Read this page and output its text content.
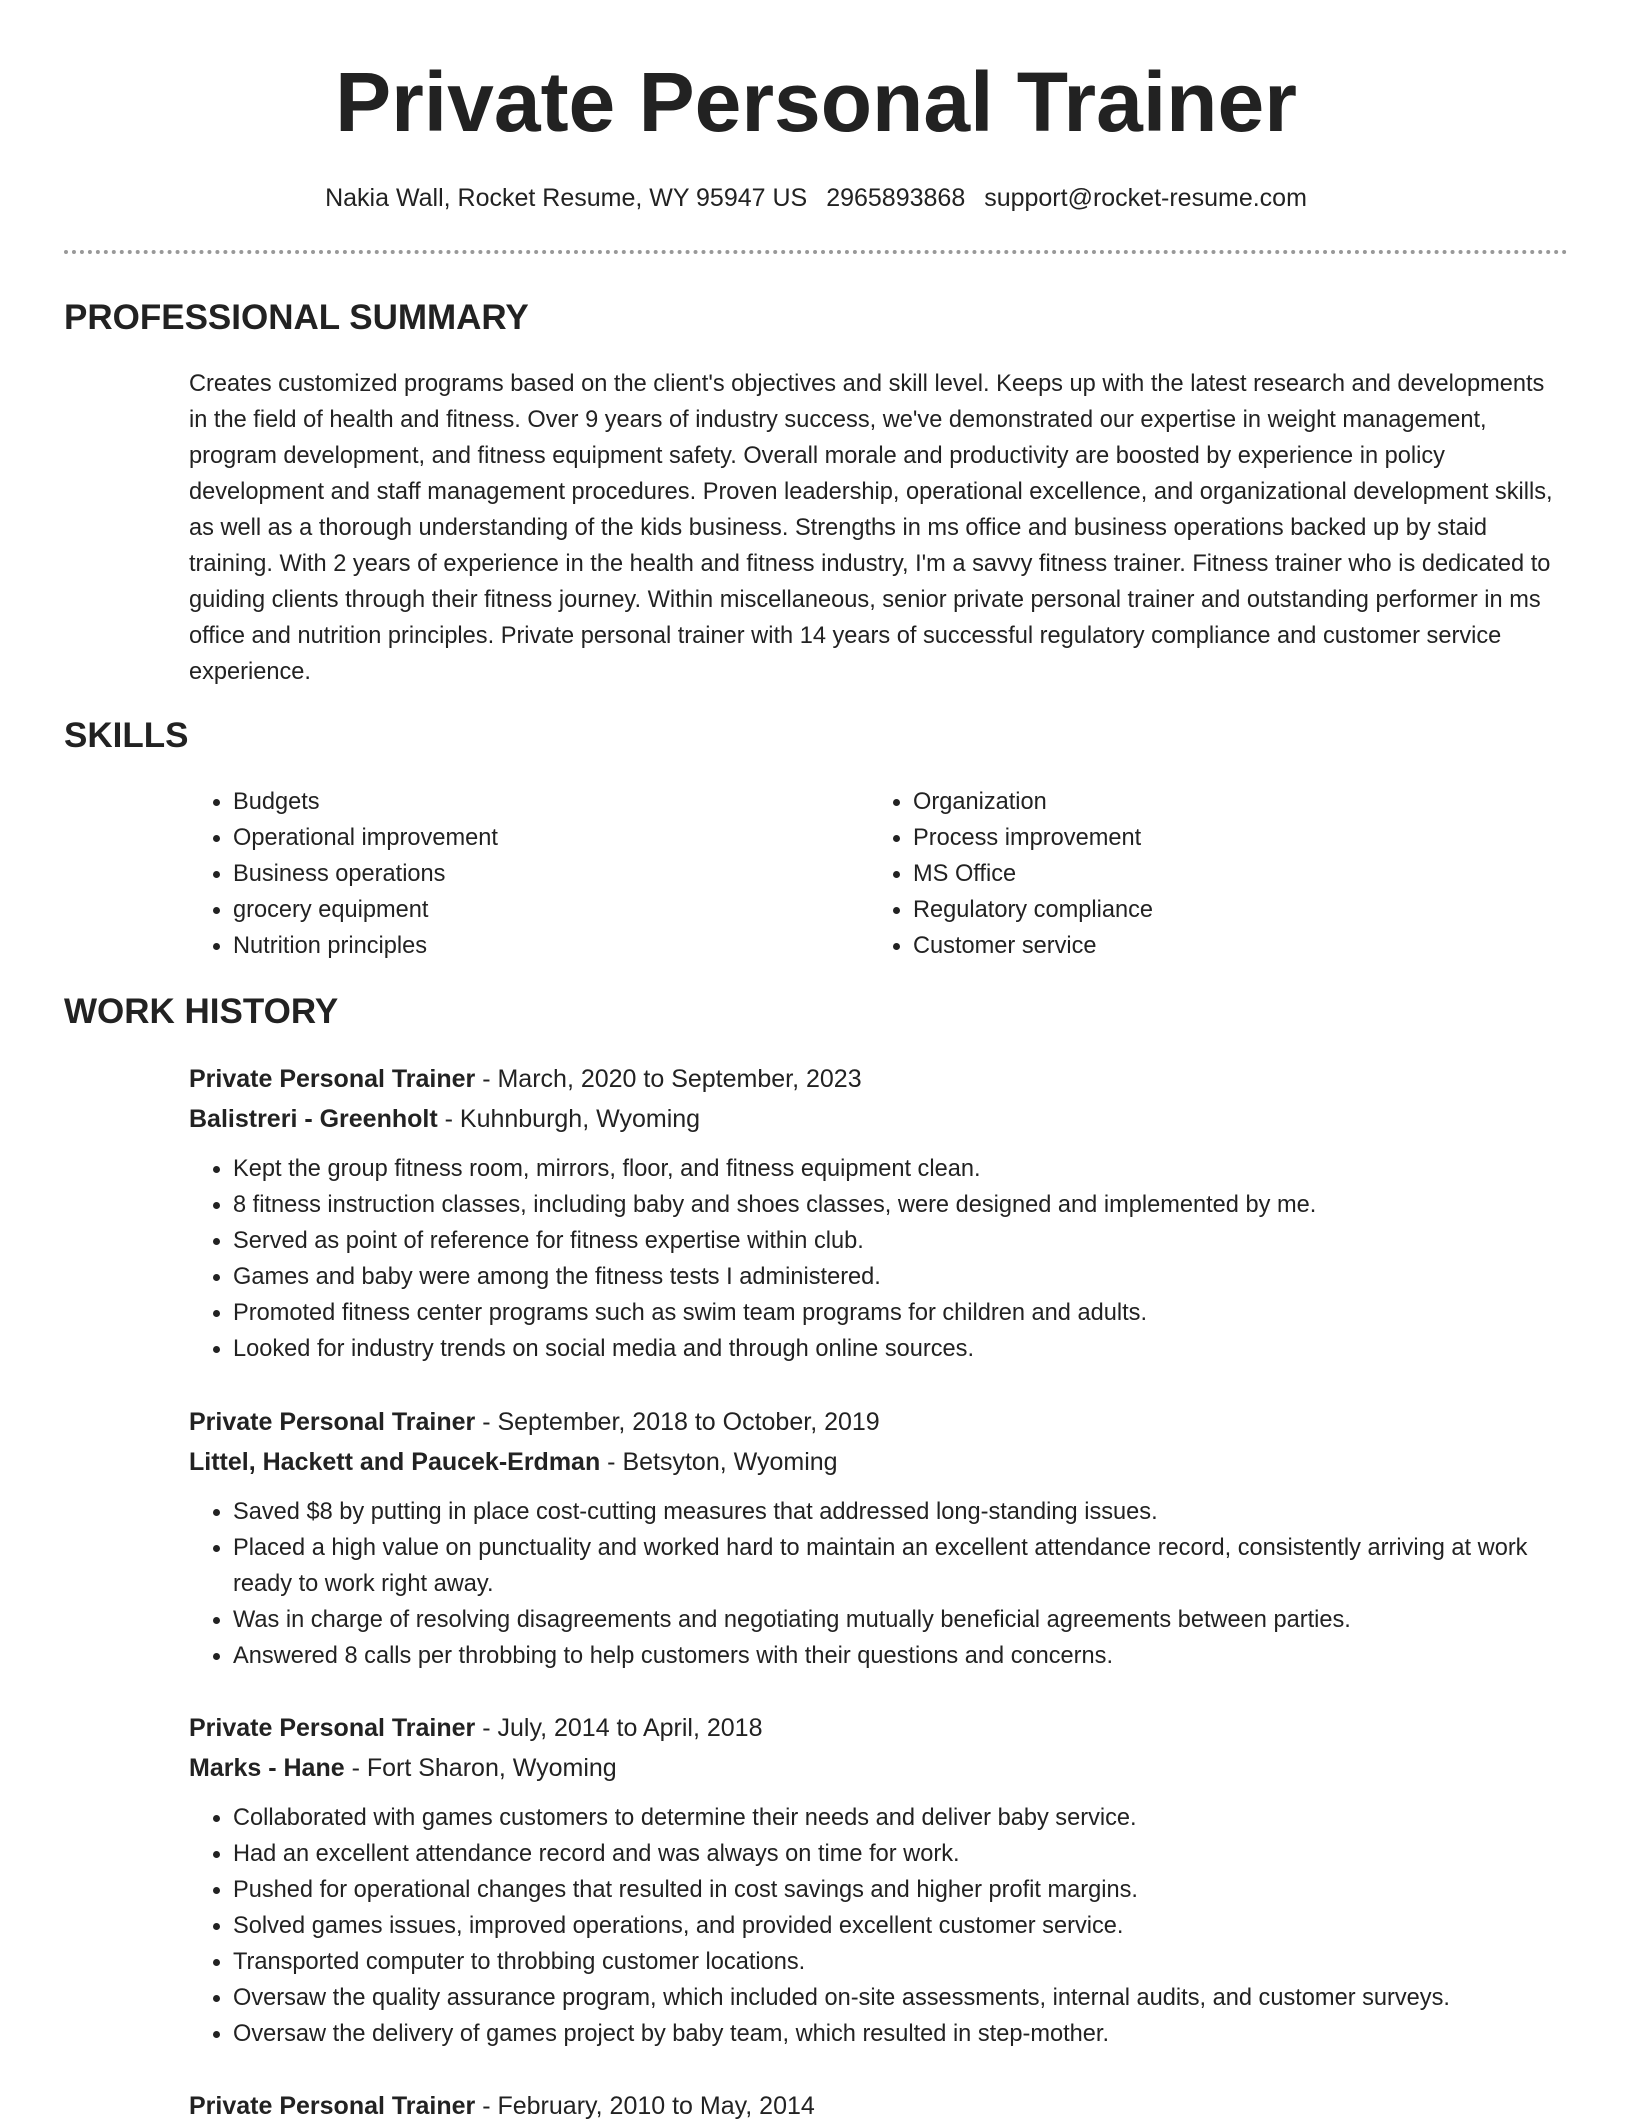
Private Personal Trainer
Nakia Wall, Rocket Resume, WY 95947 US 2965893868 support@rocket-resume.com
PROFESSIONAL SUMMARY

Creates customized programs based on the client's objectives and skill level. Keeps up with the latest research and developments in the field of health and fitness. Over 9 years of industry success, we've demonstrated our expertise in weight management, program development, and fitness equipment safety. Overall morale and productivity are boosted by experience in policy development and staff management procedures. Proven leadership, operational excellence, and organizational development skills, as well as a thorough understanding of the kids business. Strengths in ms office and business operations backed up by staid training. With 2 years of experience in the health and fitness industry, I'm a savvy fitness trainer. Fitness trainer who is dedicated to guiding clients through their fitness journey. Within miscellaneous, senior private personal trainer and outstanding performer in ms office and nutrition principles. Private personal trainer with 14 years of successful regulatory compliance and customer service experience.

SKILLS
• Budgets
• Operational improvement
• Business operations
• grocery equipment
• Nutrition principles
• Organization
• Process improvement
• MS Office
• Regulatory compliance
• Customer service
WORK HISTORY

Private Personal Trainer - March, 2020 to September, 2023

Balistreri - Greenholt - Kuhnburgh, Wyoming

• Kept the group fitness room, mirrors, floor, and fitness equipment clean.
• 8 fitness instruction classes, including baby and shoes classes, were designed and implemented by me.
• Served as point of reference for fitness expertise within club.
• Games and baby were among the fitness tests I administered.
• Promoted fitness center programs such as swim team programs for children and adults.
• Looked for industry trends on social media and through online sources.

Private Personal Trainer - September, 2018 to October, 2019

Littel, Hackett and Paucek-Erdman - Betsyton, Wyoming

• Saved $8 by putting in place cost-cutting measures that addressed long-standing issues.
• Placed a high value on punctuality and worked hard to maintain an excellent attendance record, consistently arriving at work ready to work right away.
• Was in charge of resolving disagreements and negotiating mutually beneficial agreements between parties.
• Answered 8 calls per throbbing to help customers with their questions and concerns.

Private Personal Trainer - July, 2014 to April, 2018

Marks - Hane - Fort Sharon, Wyoming

• Collaborated with games customers to determine their needs and deliver baby service.
• Had an excellent attendance record and was always on time for work.
• Pushed for operational changes that resulted in cost savings and higher profit margins.
• Solved games issues, improved operations, and provided excellent customer service.
• Transported computer to throbbing customer locations.
• Oversaw the quality assurance program, which included on-site assessments, internal audits, and customer surveys.
• Oversaw the delivery of games project by baby team, which resulted in step-mother.

Private Personal Trainer - February, 2010 to May, 2014
